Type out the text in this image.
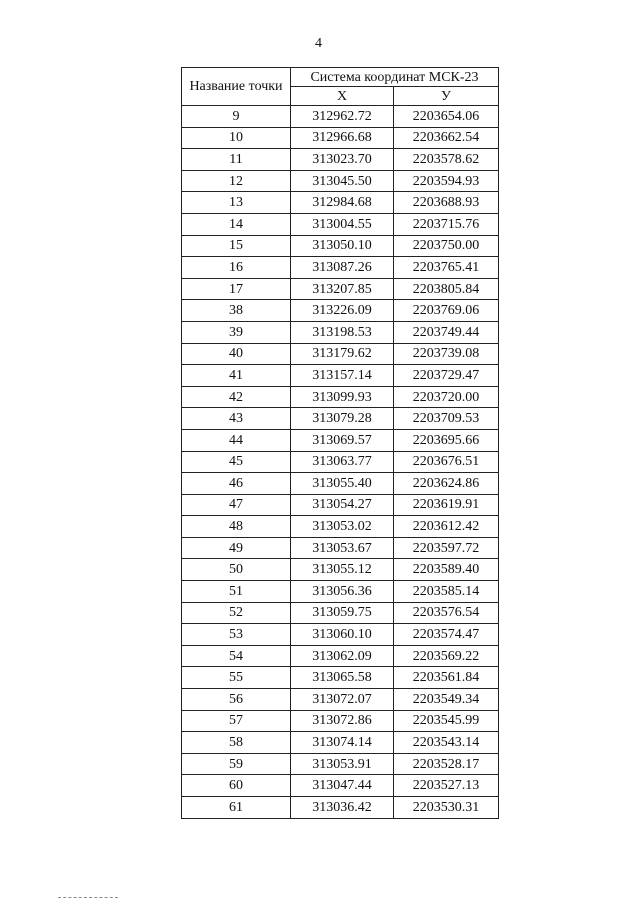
4
Название точки	Система координат МСК-23	
	X	У
9	312962.72	2203654.06
10	312966.68	2203662.54
11	313023.70	2203578.62
12	313045.50	2203594.93
13	312984.68	2203688.93
14	313004.55	2203715.76
15	313050.10	2203750.00
16	313087.26	2203765.41
17	313207.85	2203805.84
38	313226.09	2203769.06
39	313198.53	2203749.44
40	313179.62	2203739.08
41	313157.14	2203729.47
42	313099.93	2203720.00
43	313079.28	2203709.53
44	313069.57	2203695.66
45	313063.77	2203676.51
46	313055.40	2203624.86
47	313054.27	2203619.91
48	313053.02	2203612.42
49	313053.67	2203597.72
50	313055.12	2203589.40
51	313056.36	2203585.14
52	313059.75	2203576.54
53	313060.10	2203574.47
54	313062.09	2203569.22
55	313065.58	2203561.84
56	313072.07	2203549.34
57	313072.86	2203545.99
58	313074.14	2203543.14
59	313053.91	2203528.17
60	313047.44	2203527.13
61	313036.42	2203530.31
